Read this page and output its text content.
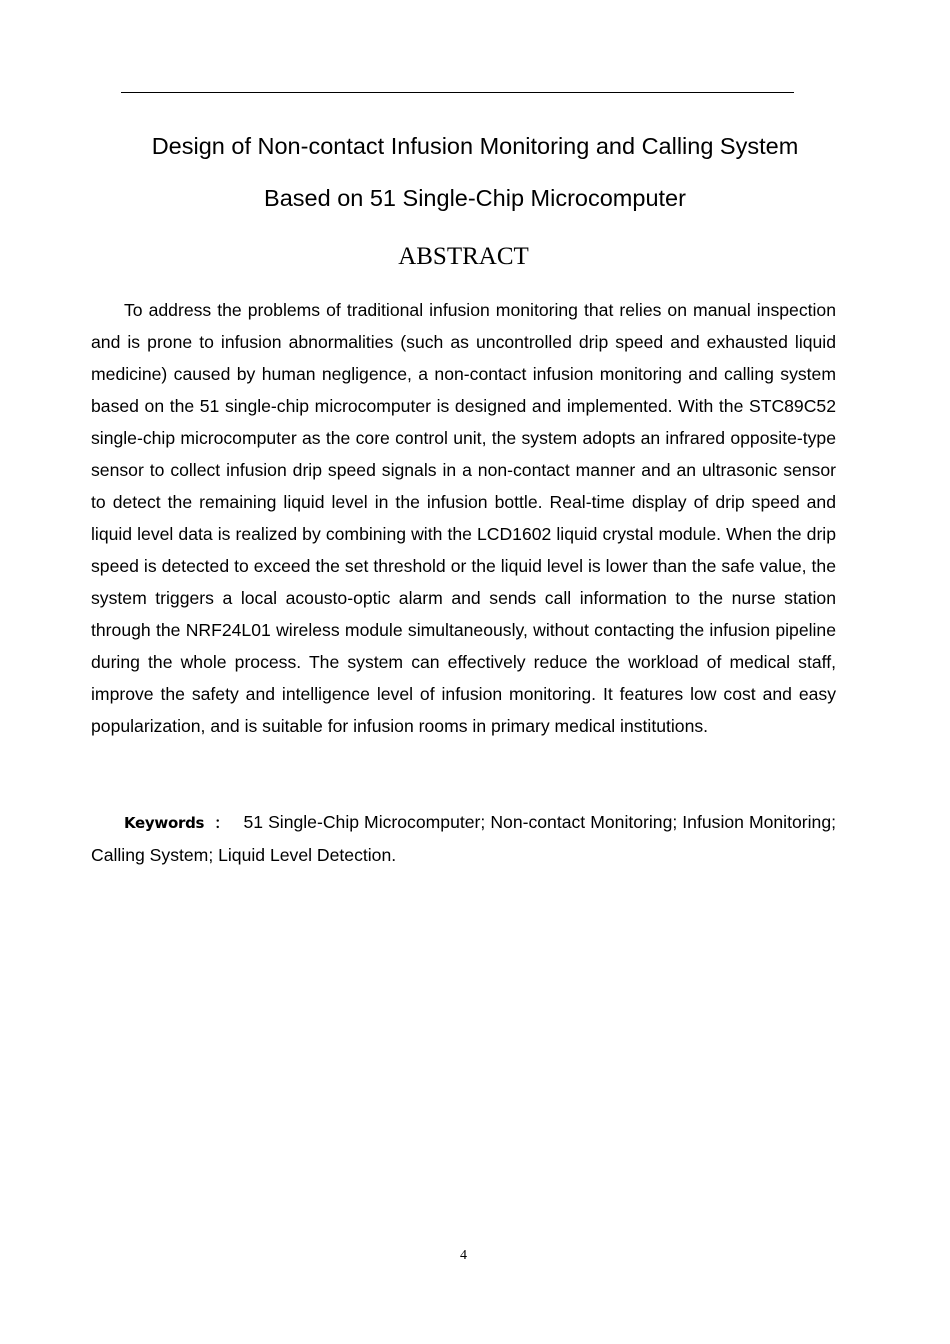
Design of Non-contact Infusion Monitoring and Calling System
Based on 51 Single-Chip Microcomputer
ABSTRACT

To address the problems of traditional infusion monitoring that relies on manual inspection and is prone to infusion abnormalities (such as uncontrolled drip speed and exhausted liquid medicine) caused by human negligence, a non-contact infusion monitoring and calling system based on the 51 single-chip microcomputer is designed and implemented. With the STC89C52 single-chip microcomputer as the core control unit, the system adopts an infrared opposite-type sensor to collect infusion drip speed signals in a non-contact manner and an ultrasonic sensor to detect the remaining liquid level in the infusion bottle. Real-time display of drip speed and liquid level data is realized by combining with the LCD1602 liquid crystal module. When the drip speed is detected to exceed the set threshold or the liquid level is lower than the safe value, the system triggers a local acousto-optic alarm and sends call information to the nurse station through the NRF24L01 wireless module simultaneously, without contacting the infusion pipeline during the whole process. The system can effectively reduce the workload of medical staff, improve the safety and intelligence level of infusion monitoring. It features low cost and easy popularization, and is suitable for infusion rooms in primary medical institutions.

Keywords ： 51 Single-Chip Microcomputer; Non-contact Monitoring; Infusion Monitoring; Calling System; Liquid Level Detection.

4
